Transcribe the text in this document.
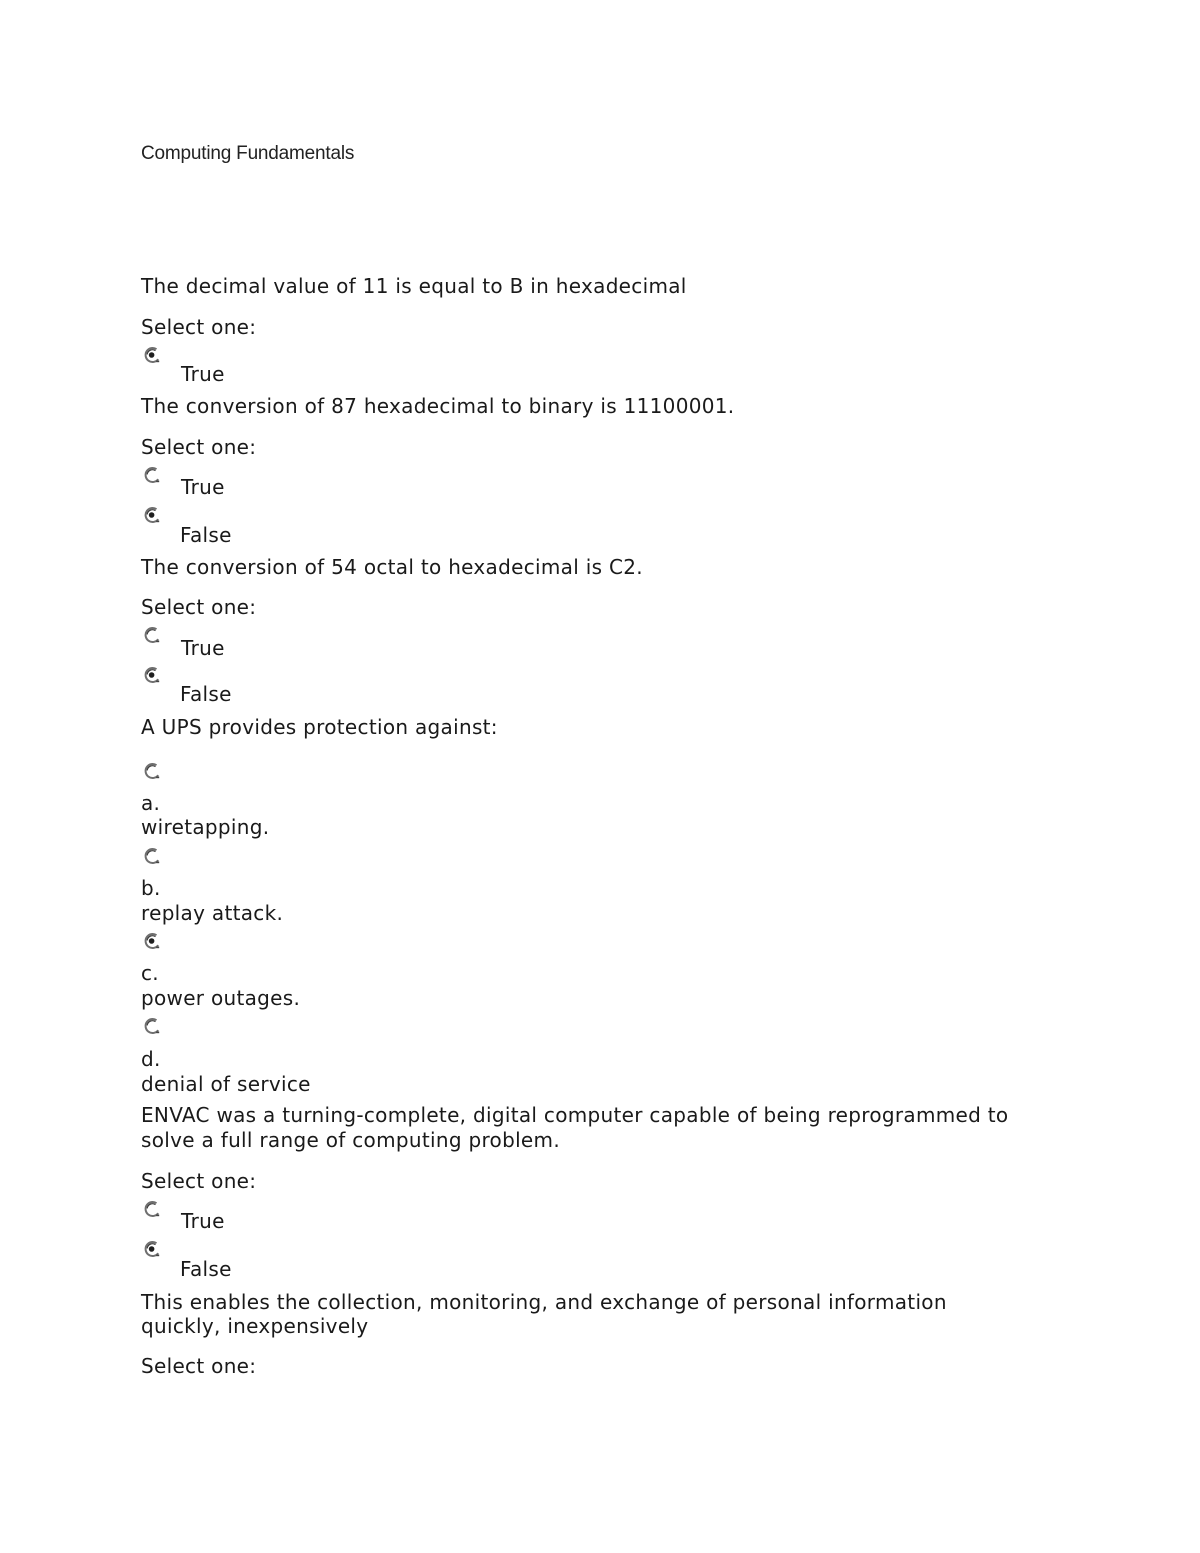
Computing Fundamentals
The decimal value of 11 is equal to B in hexadecimal
Select one:
True
The conversion of 87 hexadecimal to binary is 11100001.
Select one:
True
False
The conversion of 54 octal to hexadecimal is C2.
Select one:
True
False
A UPS provides protection against:
a.
wiretapping.
b.
replay attack.
c.
power outages.
d.
denial of service
ENVAC was a turning-complete, digital computer capable of being reprogrammed to
solve a full range of computing problem.
Select one:
True
False
This enables the collection, monitoring, and exchange of personal information
quickly, inexpensively
Select one:
